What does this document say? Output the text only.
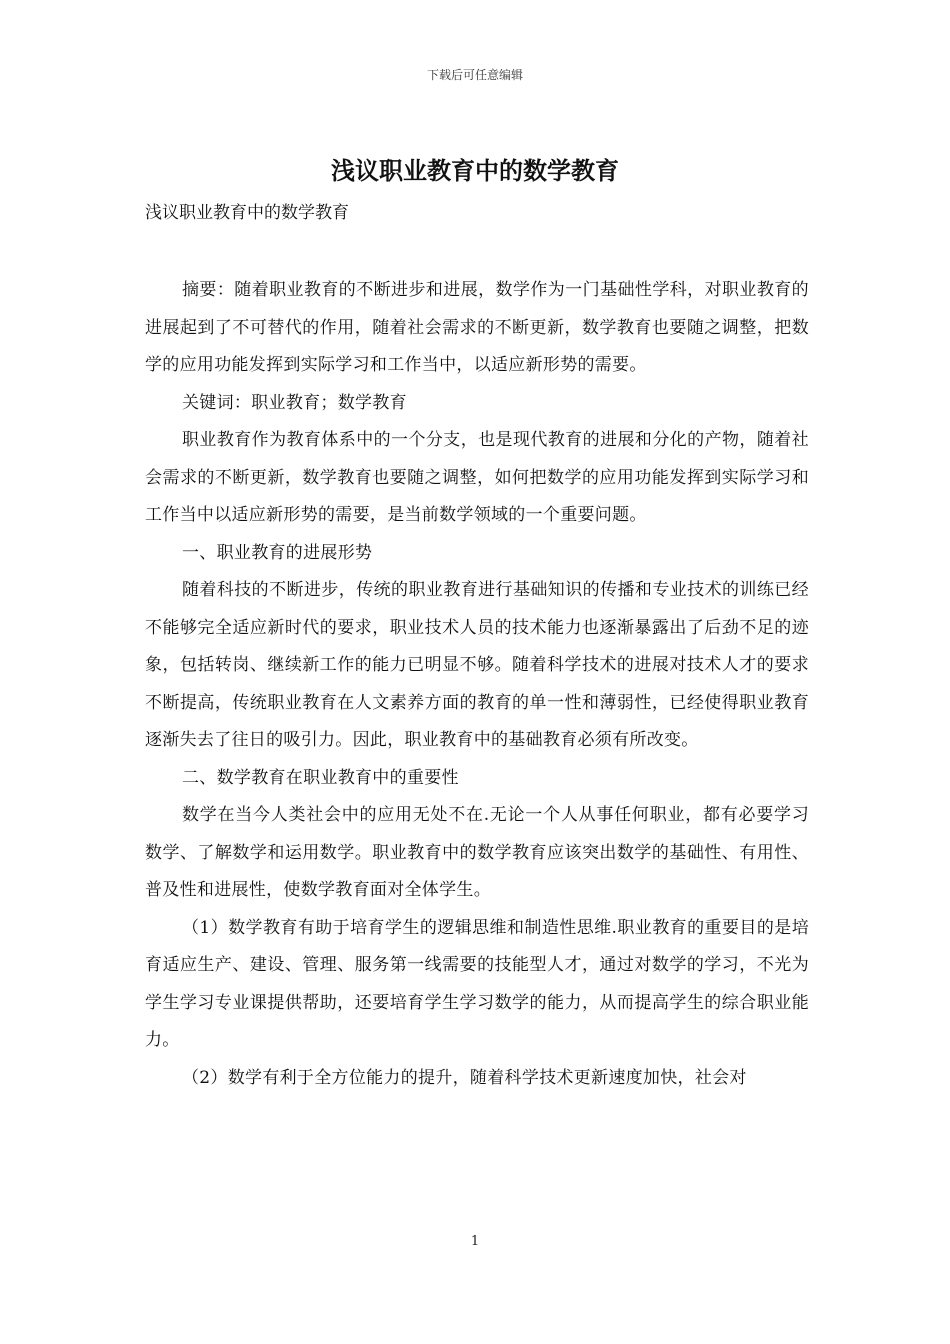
下载后可任意编辑
浅议职业教育中的数学教育

浅议职业教育中的数学教育

摘要：随着职业教育的不断进步和进展，数学作为一门基础性学科，对职业教育的进展起到了不可替代的作用，随着社会需求的不断更新，数学教育也要随之调整，把数学的应用功能发挥到实际学习和工作当中，以适应新形势的需要。

关键词：职业教育；数学教育

职业教育作为教育体系中的一个分支，也是现代教育的进展和分化的产物，随着社会需求的不断更新，数学教育也要随之调整，如何把数学的应用功能发挥到实际学习和工作当中以适应新形势的需要，是当前数学领域的一个重要问题。

一、职业教育的进展形势

随着科技的不断进步，传统的职业教育进行基础知识的传播和专业技术的训练已经不能够完全适应新时代的要求，职业技术人员的技术能力也逐渐暴露出了后劲不足的迹象，包括转岗、继续新工作的能力已明显不够。随着科学技术的进展对技术人才的要求不断提高，传统职业教育在人文素养方面的教育的单一性和薄弱性，已经使得职业教育逐渐失去了往日的吸引力。因此，职业教育中的基础教育必须有所改变。

二、数学教育在职业教育中的重要性

数学在当今人类社会中的应用无处不在.无论一个人从事任何职业，都有必要学习数学、了解数学和运用数学。职业教育中的数学教育应该突出数学的基础性、有用性、普及性和进展性，使数学教育面对全体学生。

（1）数学教育有助于培育学生的逻辑思维和制造性思维.职业教育的重要目的是培育适应生产、建设、管理、服务第一线需要的技能型人才，通过对数学的学习，不光为学生学习专业课提供帮助，还要培育学生学习数学的能力，从而提高学生的综合职业能力。

（2）数学有利于全方位能力的提升，随着科学技术更新速度加快，社会对

1
